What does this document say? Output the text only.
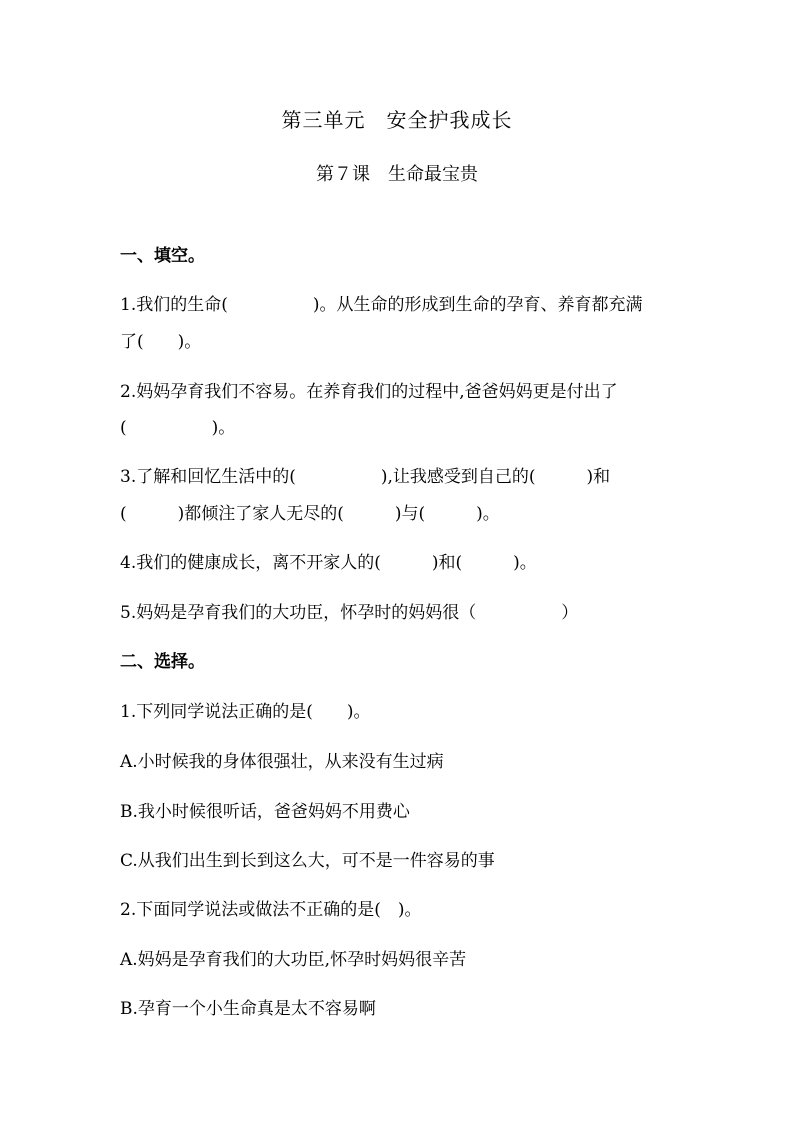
第三单元　安全护我成长
第７课　生命最宝贵
一、填空。
1.我们的生命(　　　　　)。从生命的形成到生命的孕育、养育都充满
了(　　)。
2.妈妈孕育我们不容易。在养育我们的过程中,爸爸妈妈更是付出了
(　　　　　)。
3.了解和回忆生活中的(　　　　　),让我感受到自己的(　　　)和
(　　　)都倾注了家人无尽的(　　　)与(　　　)。
4.我们的健康成长，离不开家人的(　　　)和(　　　)。
5.妈妈是孕育我们的大功臣，怀孕时的妈妈很（　　　　　）
二、选择。
1.下列同学说法正确的是(　　)。
A.小时候我的身体很强壮，从来没有生过病
B.我小时候很听话，爸爸妈妈不用费心
C.从我们出生到长到这么大，可不是一件容易的事
2.下面同学说法或做法不正确的是(　)。
A.妈妈是孕育我们的大功臣,怀孕时妈妈很辛苦
B.孕育一个小生命真是太不容易啊
